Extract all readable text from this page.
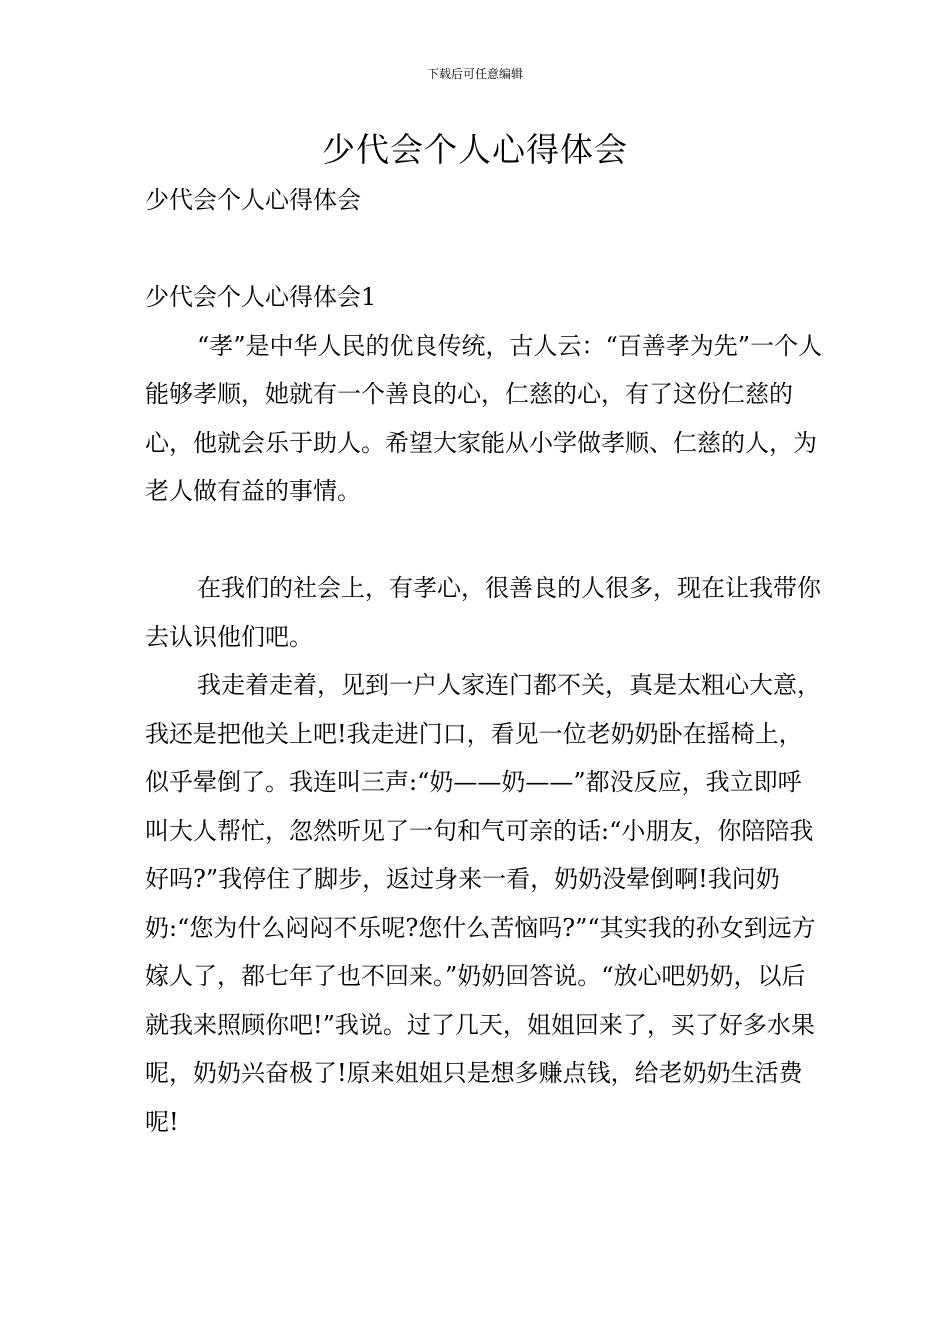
下载后可任意编辑
少代会个人心得体会

少代会个人心得体会

少代会个人心得体会1

“孝”是中华人民的优良传统，古人云：“百善孝为先”一个人能够孝顺，她就有一个善良的心，仁慈的心，有了这份仁慈的心，他就会乐于助人。希望大家能从小学做孝顺、仁慈的人，为老人做有益的事情。

在我们的社会上，有孝心，很善良的人很多，现在让我带你去认识他们吧。

我走着走着，见到一户人家连门都不关，真是太粗心大意，我还是把他关上吧!我走进门口，看见一位老奶奶卧在摇椅上，似乎晕倒了。我连叫三声:“奶——奶——”都没反应，我立即呼叫大人帮忙，忽然听见了一句和气可亲的话:“小朋友，你陪陪我好吗?”我停住了脚步，返过身来一看，奶奶没晕倒啊!我问奶奶:“您为什么闷闷不乐呢?您什么苦恼吗?”“其实我的孙女到远方嫁人了，都七年了也不回来。”奶奶回答说。“放心吧奶奶，以后就我来照顾你吧!”我说。过了几天，姐姐回来了，买了好多水果呢，奶奶兴奋极了!原来姐姐只是想多赚点钱，给老奶奶生活费呢!
